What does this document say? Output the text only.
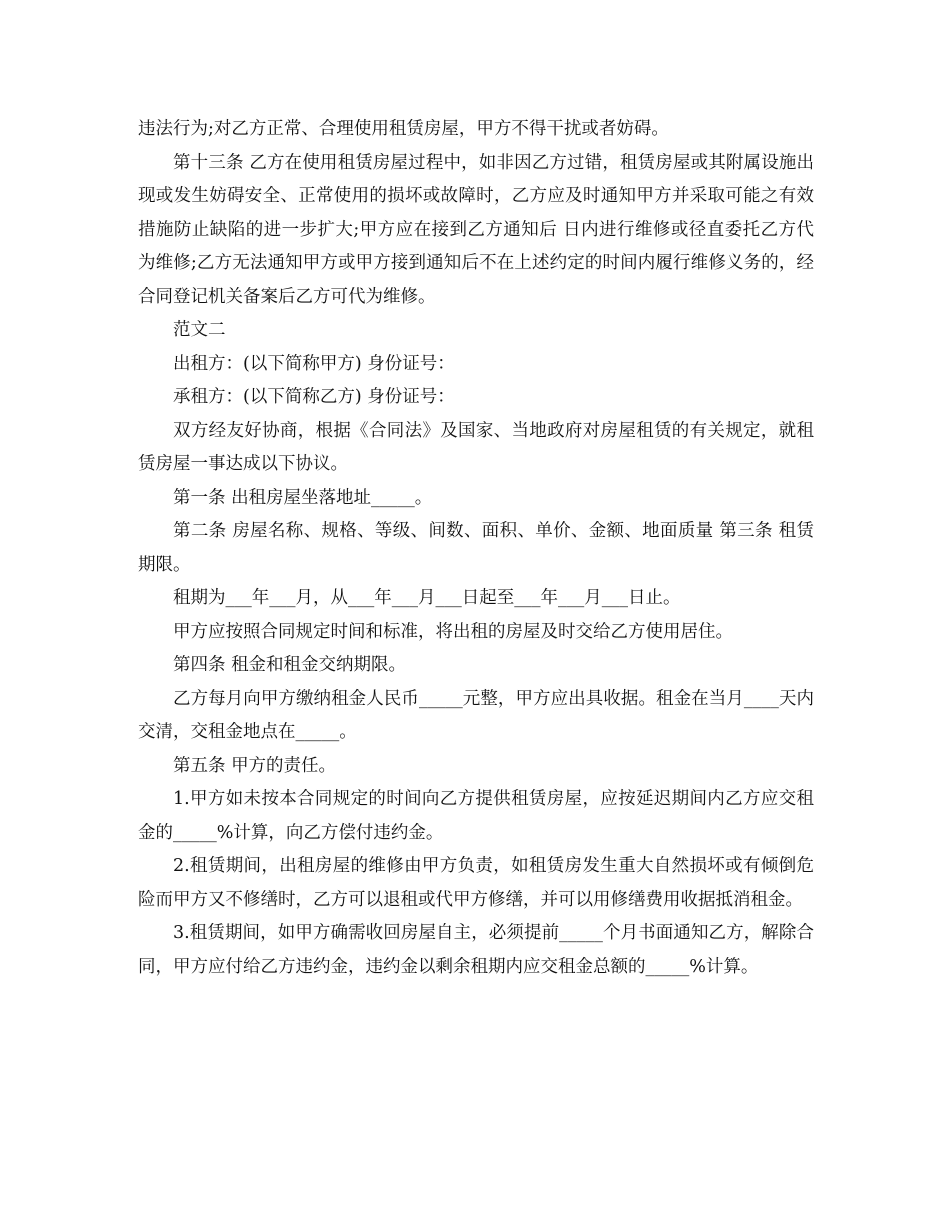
违法行为;对乙方正常、合理使用租赁房屋，甲方不得干扰或者妨碍。

第十三条 乙方在使用租赁房屋过程中，如非因乙方过错，租赁房屋或其附属设施出现或发生妨碍安全、正常使用的损坏或故障时，乙方应及时通知甲方并采取可能之有效措施防止缺陷的进一步扩大;甲方应在接到乙方通知后 日内进行维修或径直委托乙方代为维修;乙方无法通知甲方或甲方接到通知后不在上述约定的时间内履行维修义务的，经合同登记机关备案后乙方可代为维修。

范文二

出租方：(以下简称甲方) 身份证号：

承租方：(以下简称乙方) 身份证号：

双方经友好协商，根据《合同法》及国家、当地政府对房屋租赁的有关规定，就租赁房屋一事达成以下协议。

第一条 出租房屋坐落地址_____。

第二条 房屋名称、规格、等级、间数、面积、单价、金额、地面质量 第三条 租赁期限。

租期为___年___月，从___年___月___日起至___年___月___日止。

甲方应按照合同规定时间和标准，将出租的房屋及时交给乙方使用居住。

第四条 租金和租金交纳期限。

乙方每月向甲方缴纳租金人民币_____元整，甲方应出具收据。租金在当月____天内交清，交租金地点在_____。

第五条 甲方的责任。

1.甲方如未按本合同规定的时间向乙方提供租赁房屋，应按延迟期间内乙方应交租金的_____%计算，向乙方偿付违约金。

2.租赁期间，出租房屋的维修由甲方负责，如租赁房发生重大自然损坏或有倾倒危险而甲方又不修缮时，乙方可以退租或代甲方修缮，并可以用修缮费用收据抵消租金。

3.租赁期间，如甲方确需收回房屋自主，必须提前_____个月书面通知乙方，解除合同，甲方应付给乙方违约金，违约金以剩余租期内应交租金总额的_____%计算。
